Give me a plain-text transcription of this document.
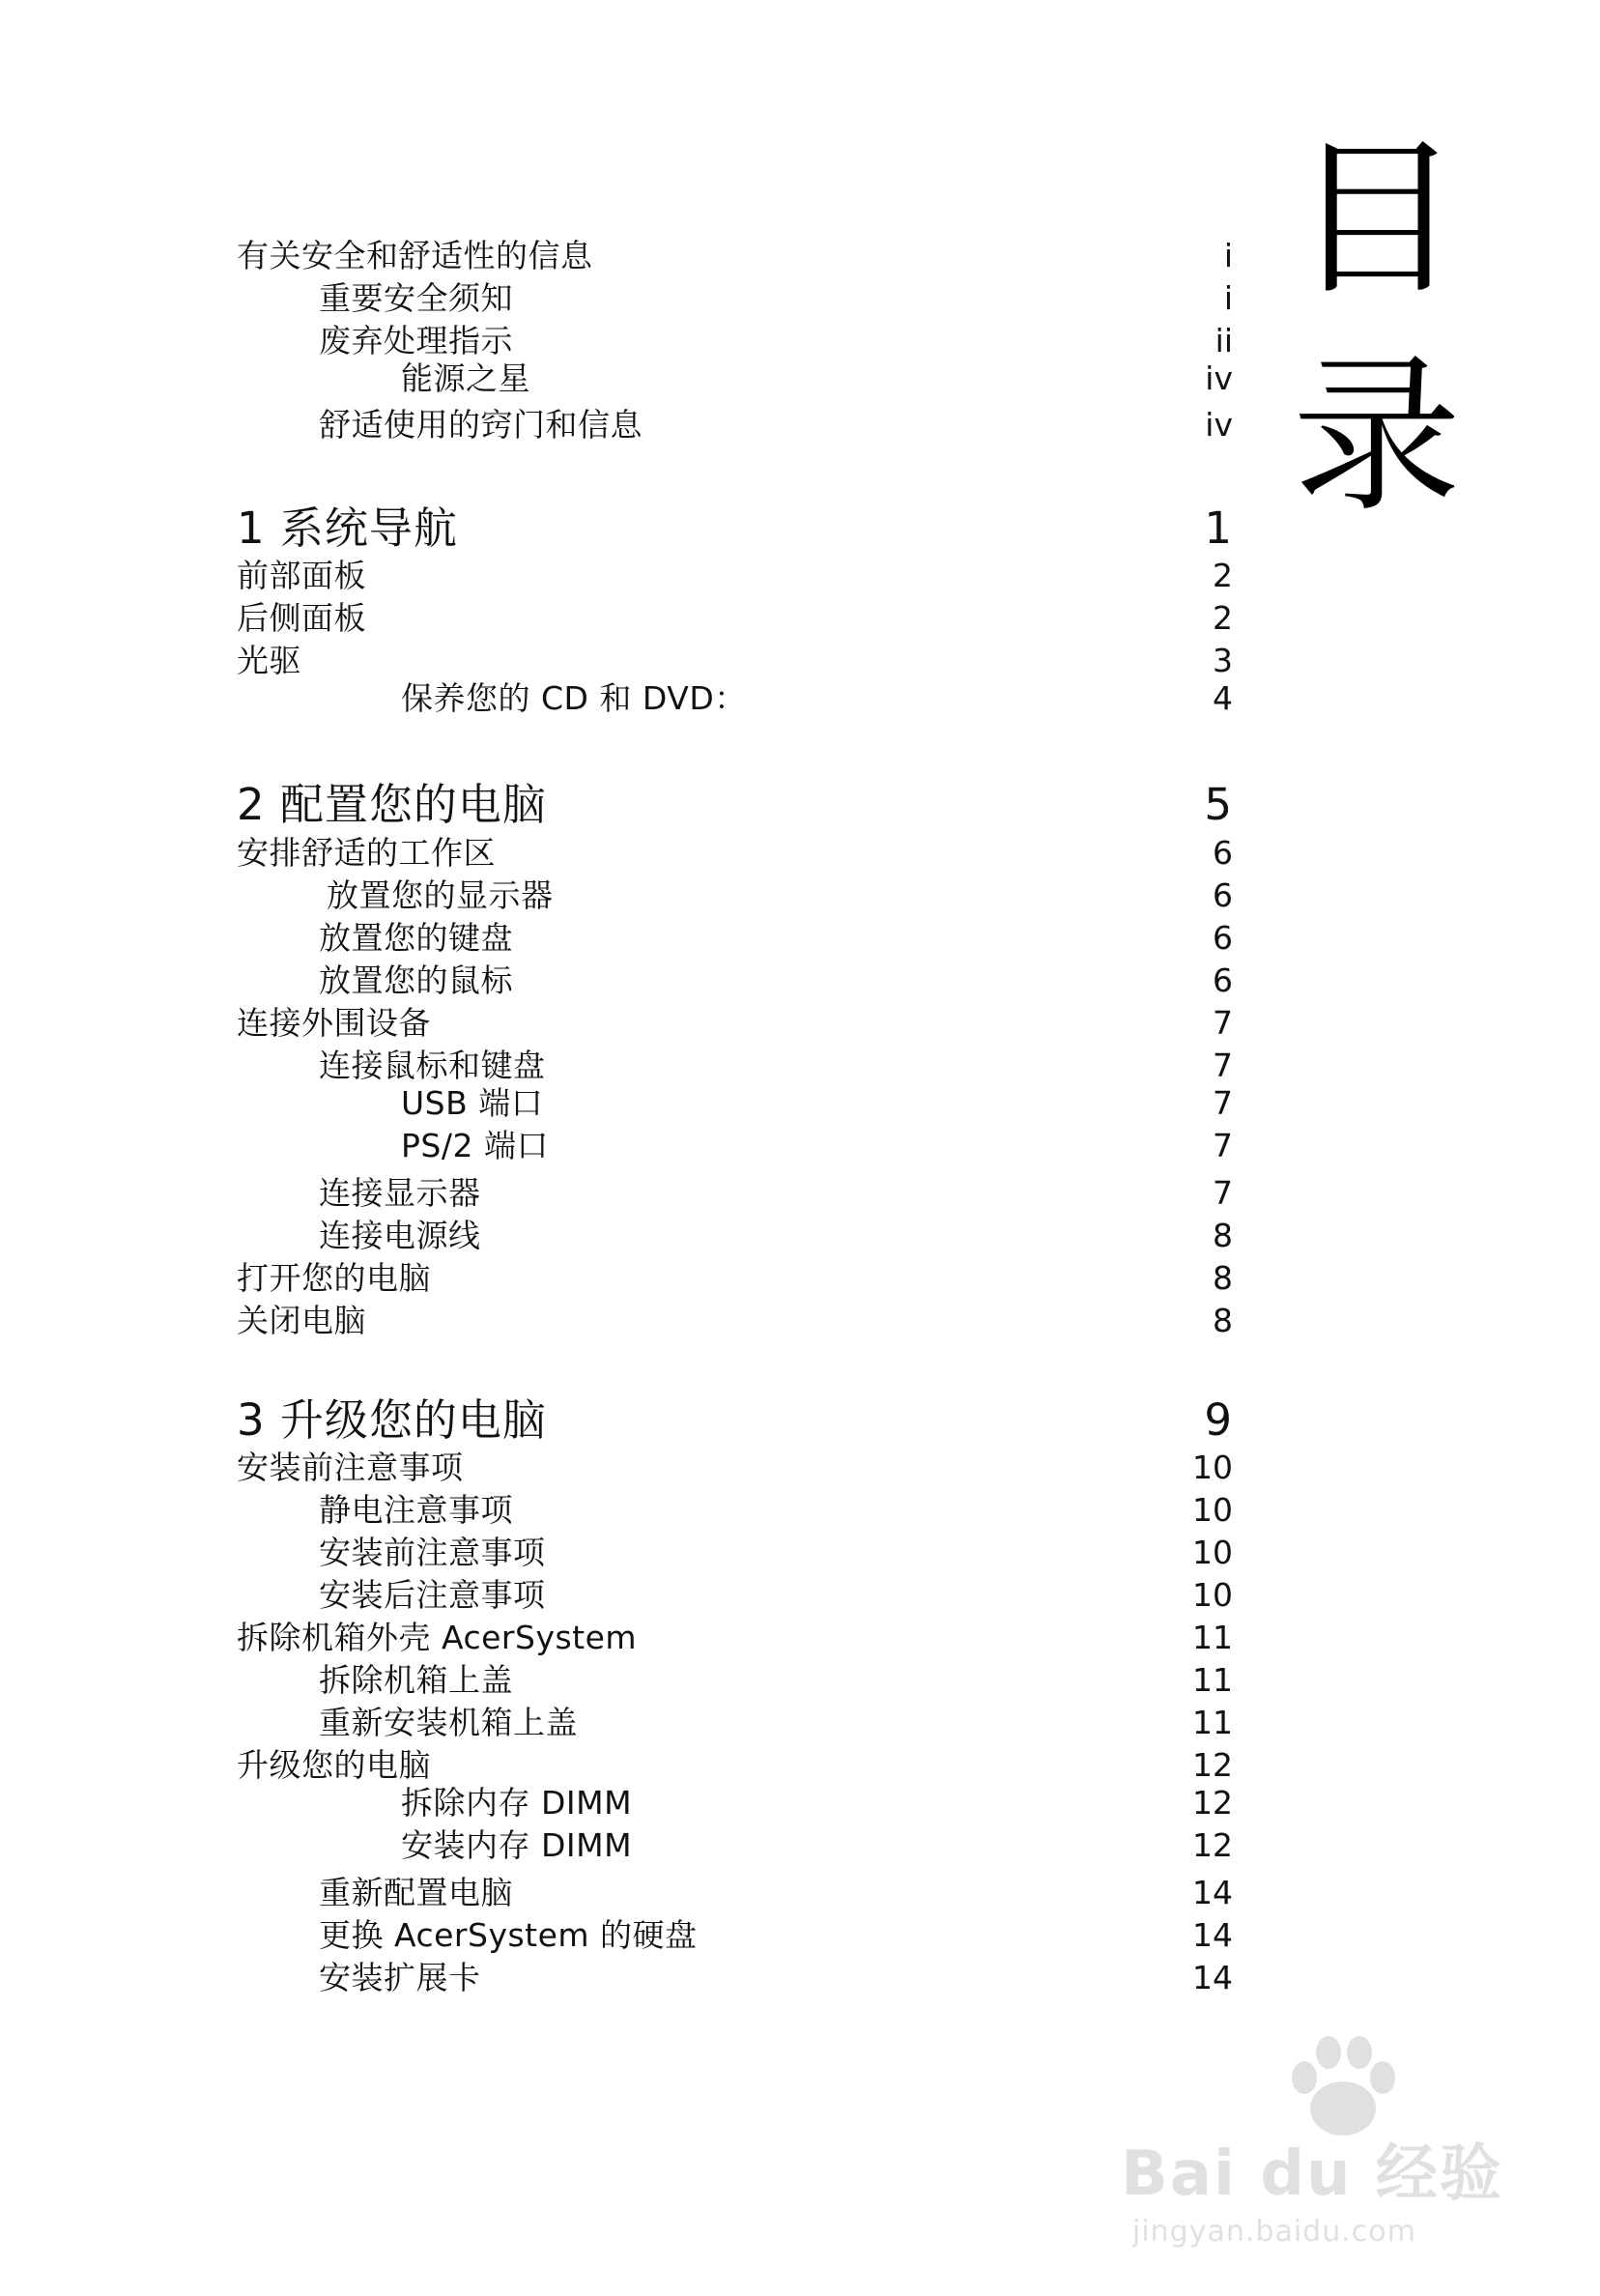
目
录
有关安全和舒适性的信息	i
重要安全须知	i
废弃处理指示	ii
能源之星	iv
舒适使用的窍门和信息	iv
1 系统导航	1
前部面板	2
后侧面板	2
光驱	3
保养您的 CD 和 DVD：	4
2 配置您的电脑	5
安排舒适的工作区	6
放置您的显示器	6
放置您的键盘	6
放置您的鼠标	6
连接外围设备	7
连接鼠标和键盘	7
USB 端口	7
PS/2 端口	7
连接显示器	7
连接电源线	8
打开您的电脑	8
关闭电脑	8
3 升级您的电脑	9
安装前注意事项	10
静电注意事项	10
安装前注意事项	10
安装后注意事项	10
拆除机箱外壳 AcerSystem	11
拆除机箱上盖	11
重新安装机箱上盖	11
升级您的电脑	12
拆除内存 DIMM	12
安装内存 DIMM	12
重新配置电脑	14
更换 AcerSystem 的硬盘	14
安装扩展卡	14
Bai du 经验
jingyan.baidu.com
